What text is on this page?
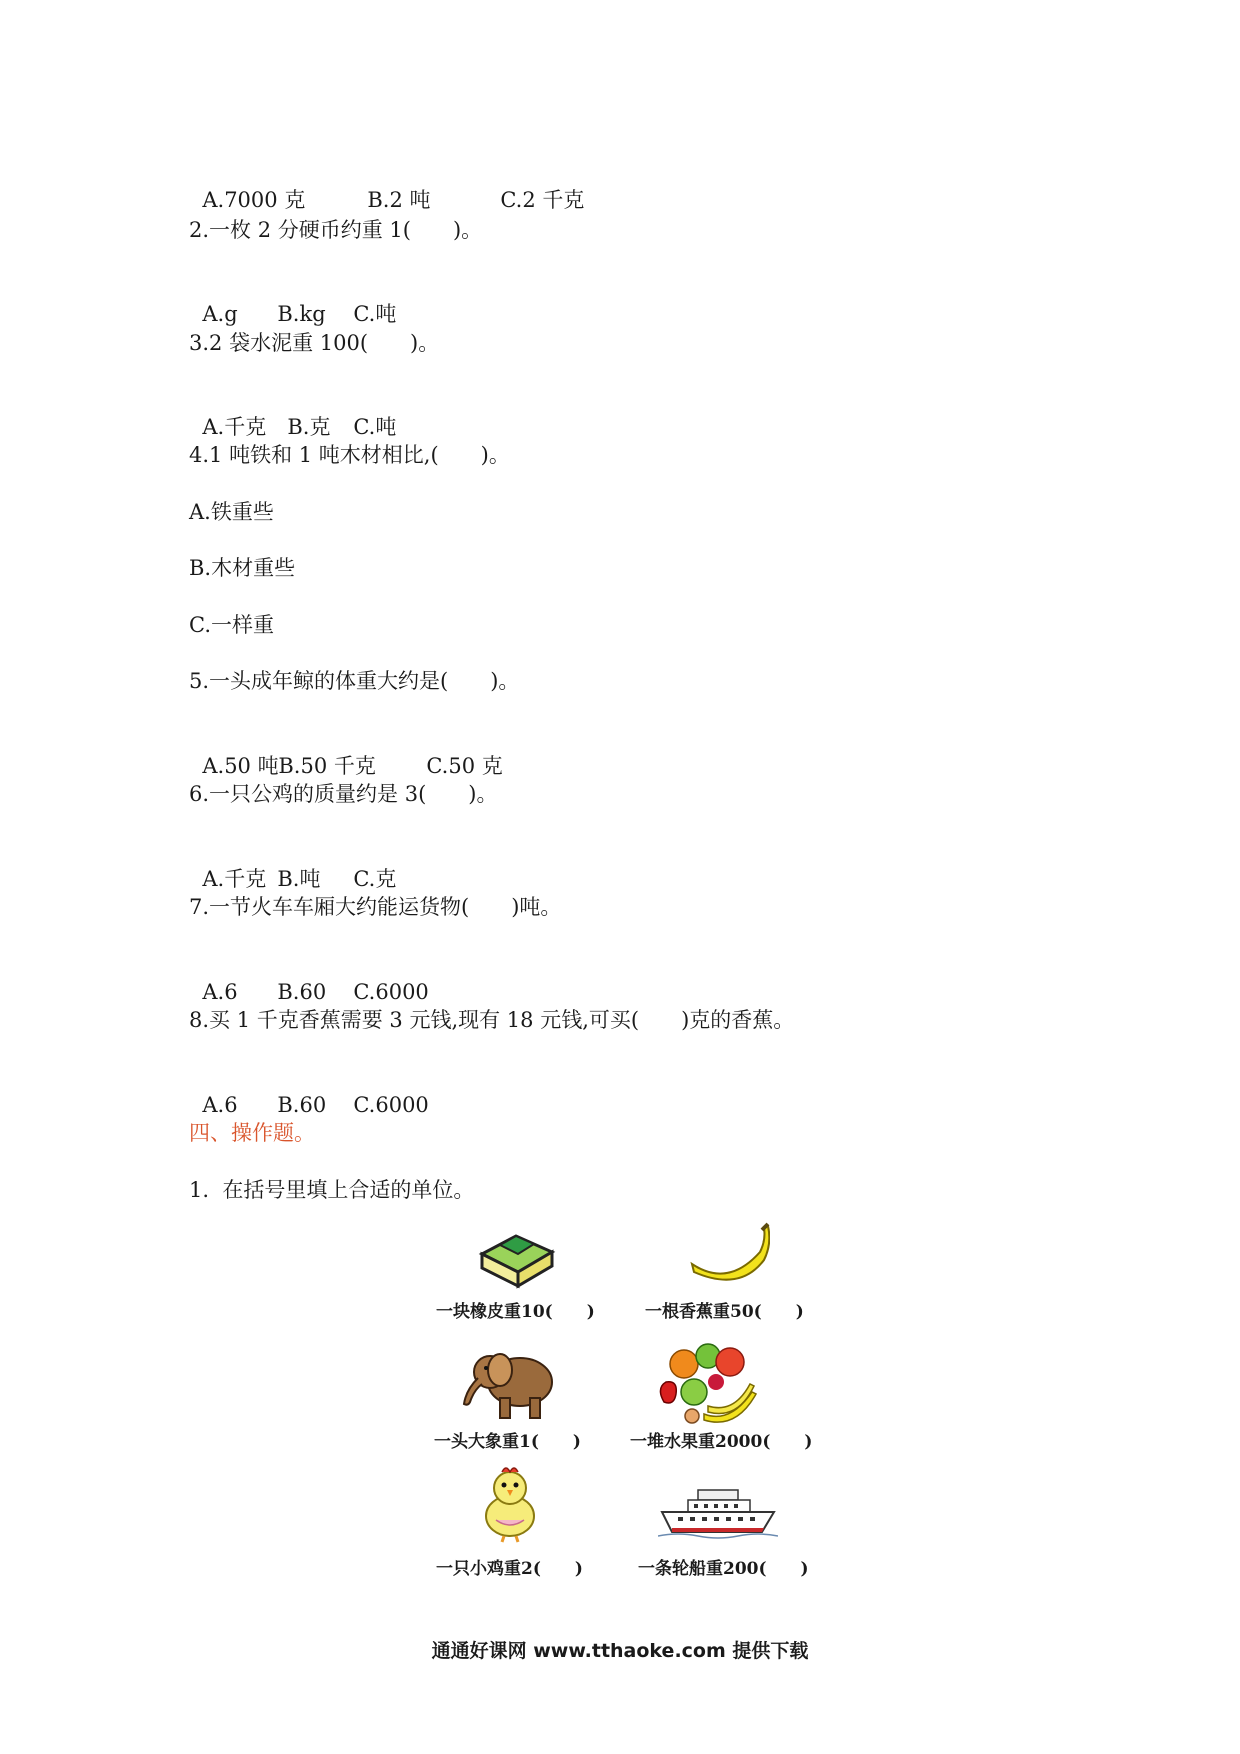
A.7000 克	B.2 吨	C.2 千克

2.一枚 2 分硬币约重 1(　　)。

A.g B.kg C.吨

3.2 袋水泥重 100(　　)。

A.千克 B.克 C.吨

4.1 吨铁和 1 吨木材相比,(　　)。
A.铁重些
B.木材重些
C.一样重
5.一头成年鲸的体重大约是(　　)。

A.50 吨B.50 千克 C.50 克

6.一只公鸡的质量约是 3(　　)。

A.千克 B.吨 C.克

7.一节火车车厢大约能运货物(　　)吨。

A.6 B.60 C.6000

8.买 1 千克香蕉需要 3 元钱,现有 18 元钱,可买(　　)克的香蕉。

A.6 B.60 C.6000

四、操作题。
1.  在括号里填上合适的单位。
一块橡皮重10(　　)	一根香蕉重50(　　)
一头大象重1(　　)	一堆水果重2000(　　)
一只小鸡重2(　　)	一条轮船重200(　　)
通通好课网 www.tthaoke.com 提供下载
